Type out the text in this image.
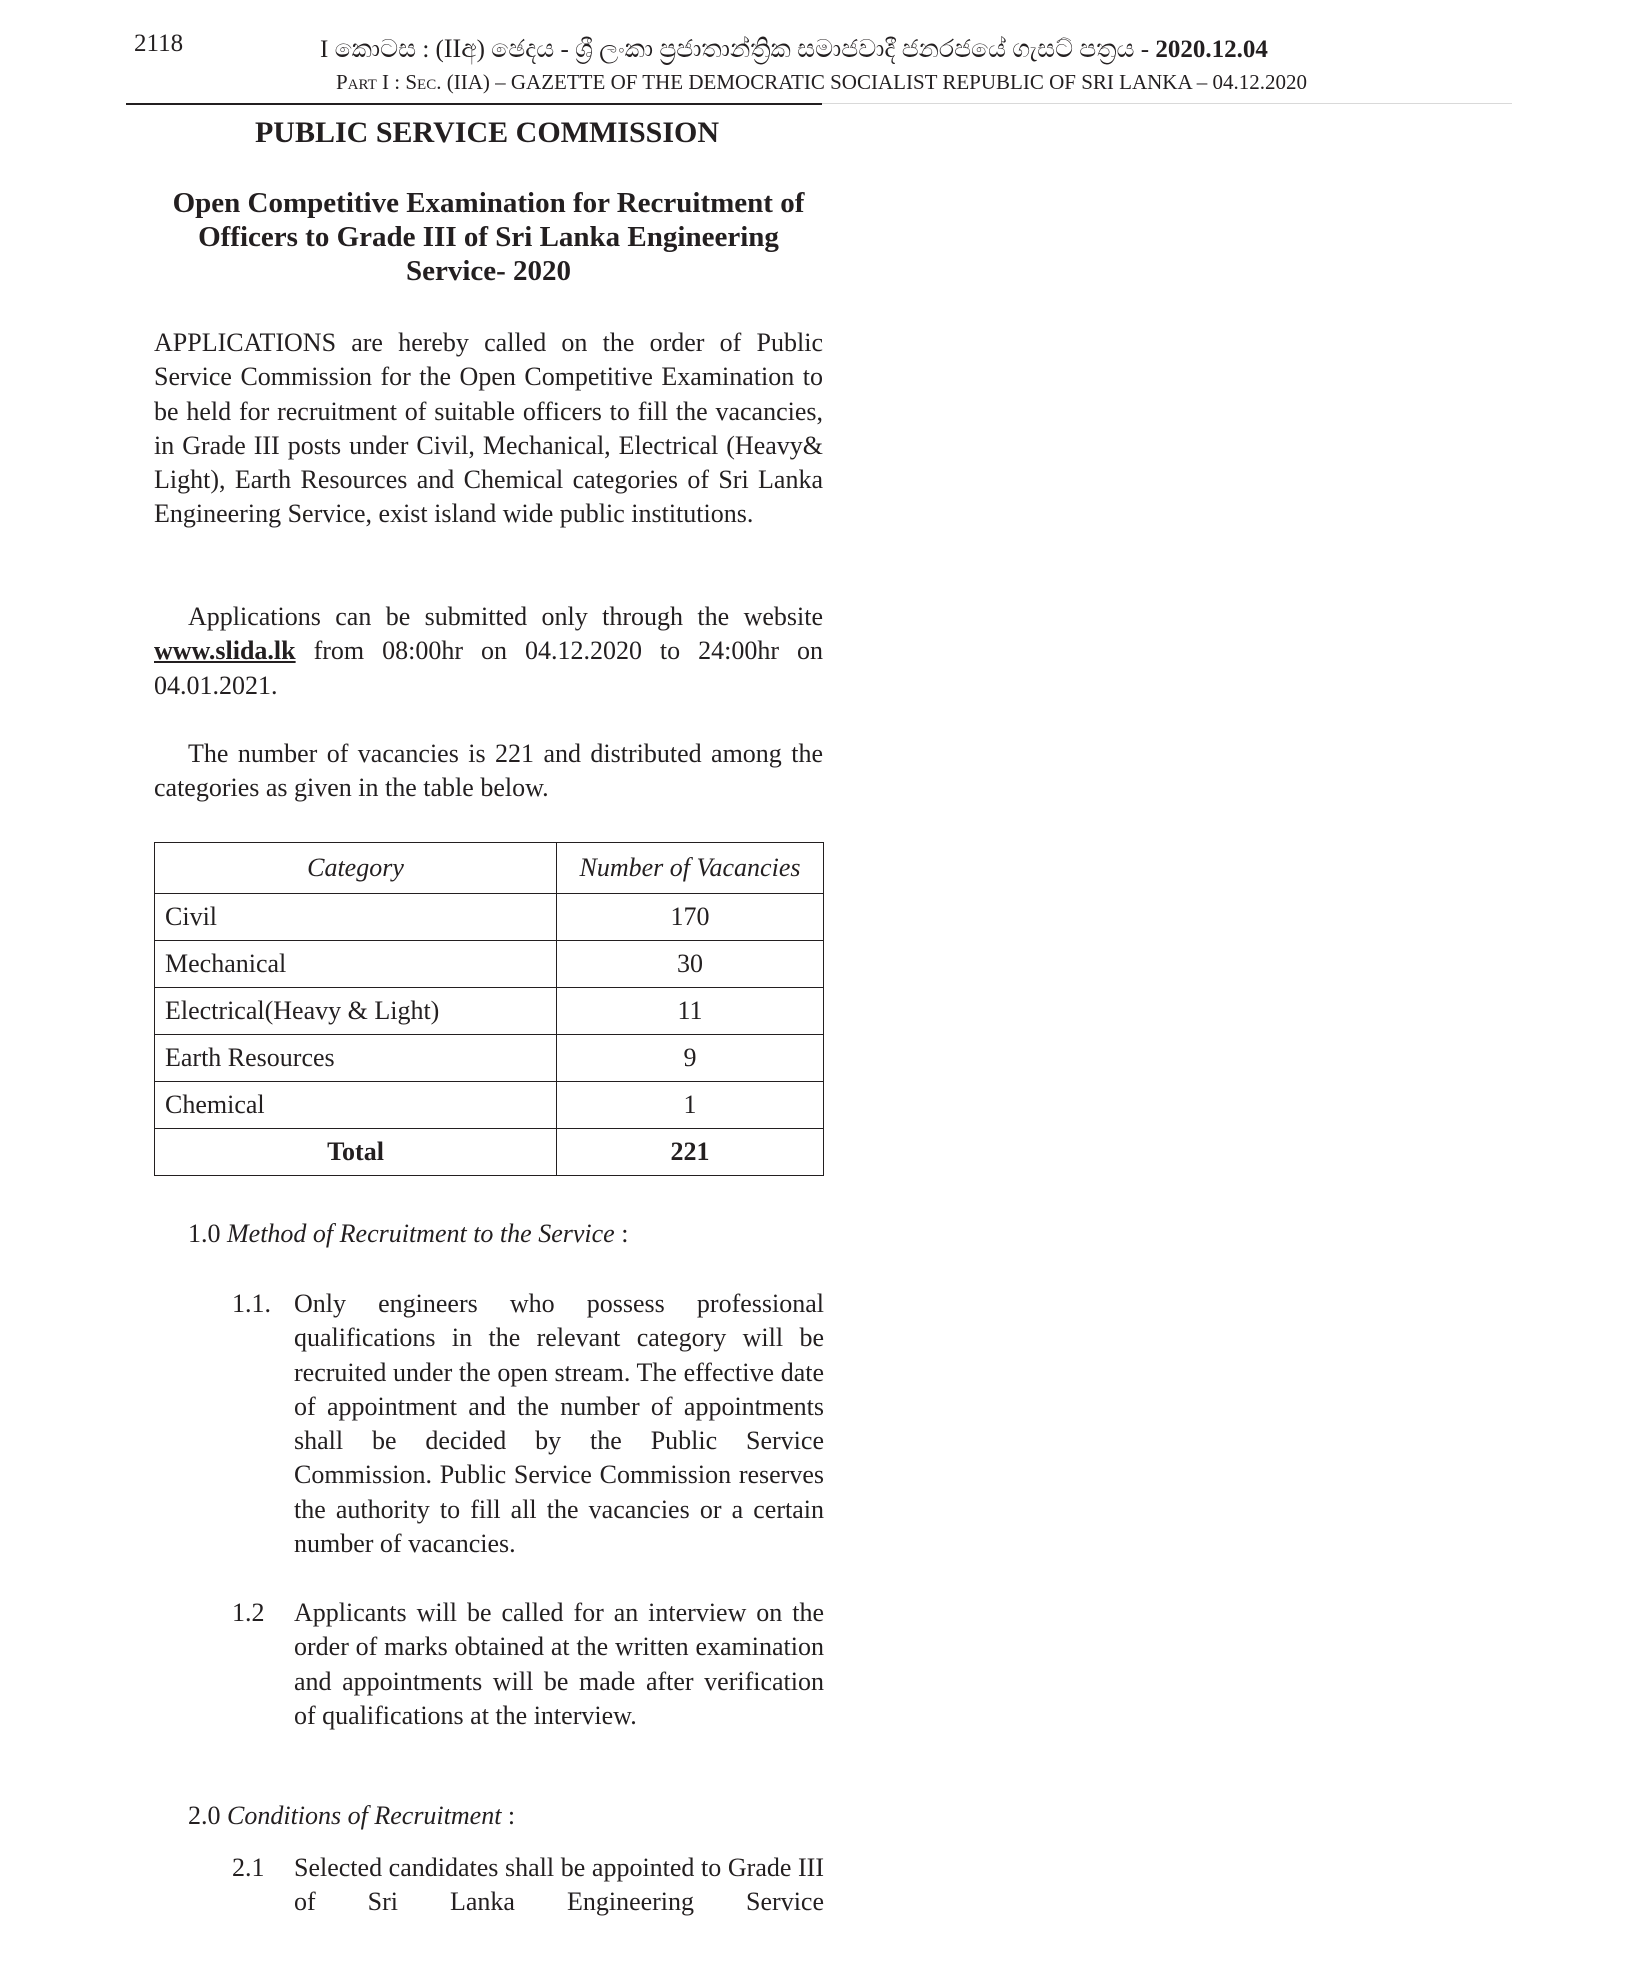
2118	I කොටස : (IIඅ) ඡෙදය - ශ්‍රී ලංකා ප්‍රජාතාන්ත්‍රික සමාජවාදී ජනරජයේ ගැසට් පත්‍රය - 2020.12.04
Part I : Sec. (IIA) – GAZETTE OF THE DEMOCRATIC SOCIALIST REPUBLIC OF SRI LANKA – 04.12.2020
PUBLIC SERVICE COMMISSION
Open Competitive Examination for Recruitment of Officers to Grade III of Sri Lanka Engineering Service- 2020
APPLICATIONS are hereby called on the order of Public Service Commission for the Open Competitive Examination to be held for recruitment of suitable officers to fill the vacancies, in Grade III posts under Civil, Mechanical, Electrical (Heavy& Light), Earth Resources and Chemical categories of Sri Lanka Engineering Service, exist island wide public institutions.
Applications can be submitted only through the website www.slida.lk from 08:00hr on 04.12.2020 to 24:00hr on 04.01.2021.
The number of vacancies is 221 and distributed among the categories as given in the table below.
Category	Number of Vacancies
Civil	170
Mechanical	30
Electrical(Heavy & Light)	11
Earth Resources	9
Chemical	1
Total	221
1.0 Method of Recruitment to the Service :
1.1. Only engineers who possess professional qualifications in the relevant category will be recruited under the open stream. The effective date of appointment and the number of appointments shall be decided by the Public Service Commission. Public Service Commission reserves the authority to fill all the vacancies or a certain number of vacancies.
1.2 Applicants will be called for an interview on the order of marks obtained at the written examination and appointments will be made after verification of qualifications at the interview.
2.0 Conditions of Recruitment :
2.1 Selected candidates shall be appointed to Grade III of Sri Lanka Engineering Service
